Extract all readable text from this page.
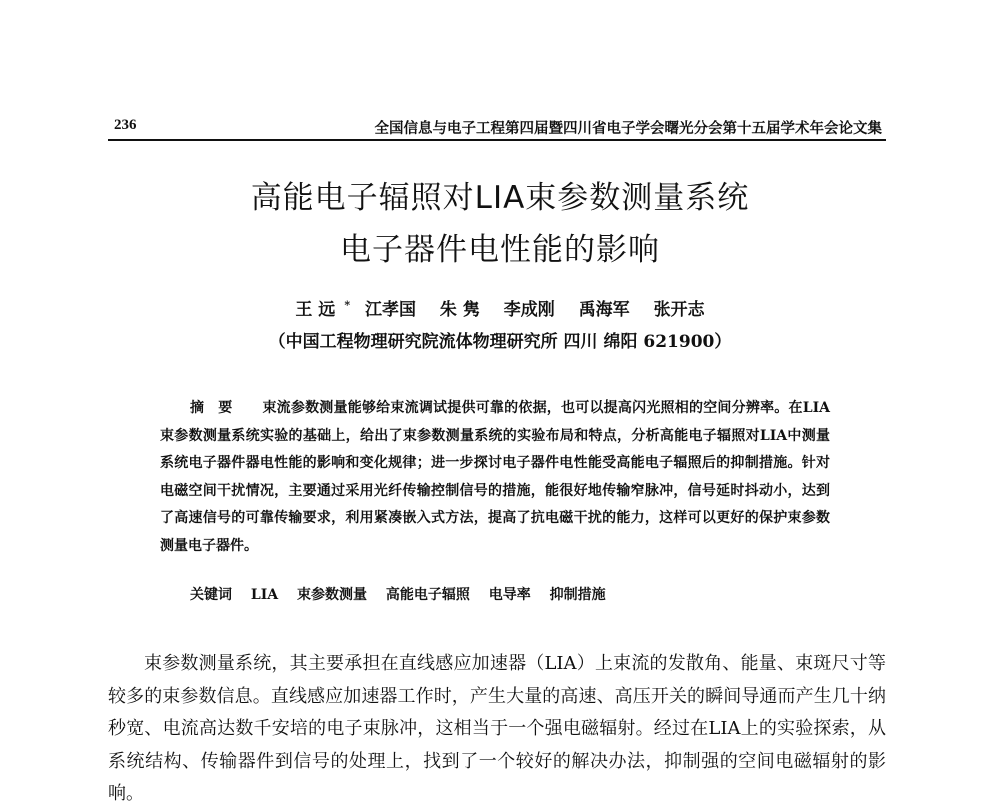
236	全国信息与电子工程第四届暨四川省电子学会曙光分会第十五届学术年会论文集
高能电子辐照对LIA束参数测量系统
电子器件电性能的影响
王 远 * 江孝国 朱 隽 李成刚 禹海军 张开志
（中国工程物理研究院流体物理研究所 四川 绵阳 621900）
摘要 束流参数测量能够给束流调试提供可靠的依据，也可以提高闪光照相的空间分辨率。在LIA束参数测量系统实验的基础上，给出了束参数测量系统的实验布局和特点，分析高能电子辐照对LIA中测量系统电子器件器电性能的影响和变化规律；进一步探讨电子器件电性能受高能电子辐照后的抑制措施。针对电磁空间干扰情况，主要通过采用光纤传输控制信号的措施，能很好地传输窄脉冲，信号延时抖动小，达到了高速信号的可靠传输要求，利用紧凑嵌入式方法，提高了抗电磁干扰的能力，这样可以更好的保护束参数测量电子器件。
关键词 LIA 束参数测量 高能电子辐照 电导率 抑制措施
束参数测量系统，其主要承担在直线感应加速器（LIA）上束流的发散角、能量、束斑尺寸等较多的束参数信息。直线感应加速器工作时，产生大量的高速、高压开关的瞬间导通而产生几十纳秒宽、电流高达数千安培的电子束脉冲，这相当于一个强电磁辐射。经过在LIA上的实验探索，从系统结构、传输器件到信号的处理上，找到了一个较好的解决办法，抑制强的空间电磁辐射的影响。
